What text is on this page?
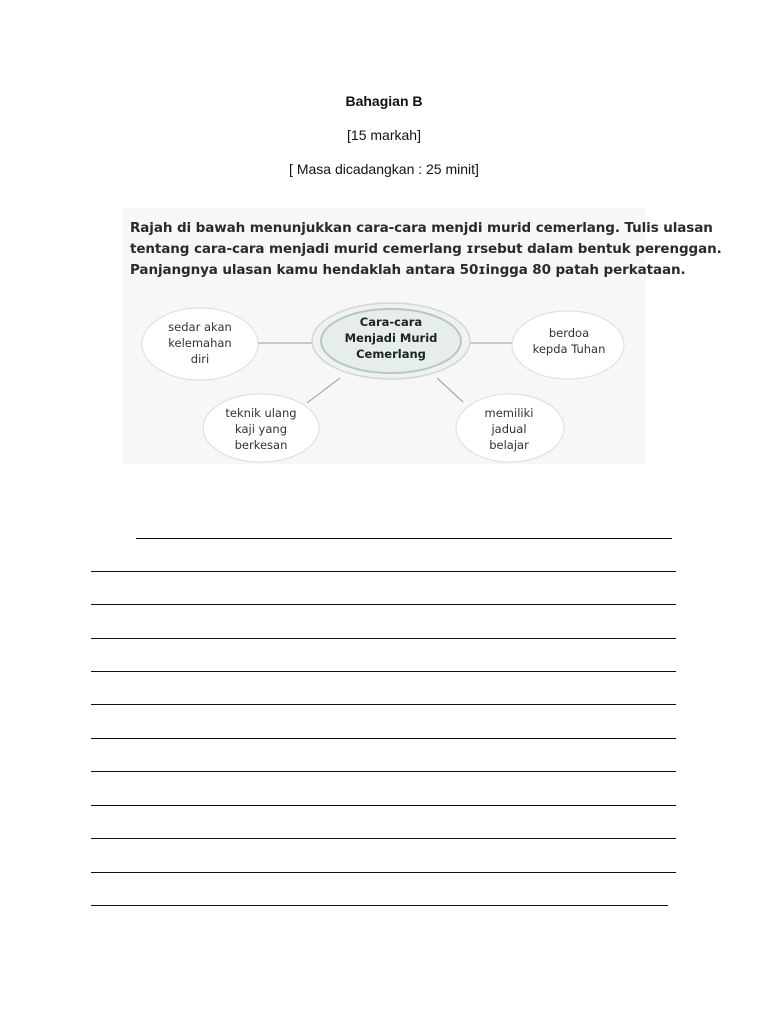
Bahagian B
[15 markah]
[ Masa dicadangkan : 25 minit]
Rajah di bawah menunjukkan cara-cara menjdi murid cemerlang. Tulis ulasan
tentang cara-cara menjadi murid cemerlang ɪrsebut dalam bentuk perenggan.
Panjangnya ulasan kamu hendaklah antara 50ɪingga 80 patah perkataan.
Cara-cara
Menjadi Murid
Cemerlang
sedar akan
kelemahan
diri
berdoa
kepda Tuhan
teknik ulang
kaji yang
berkesan
memiliki
jadual
belajar
